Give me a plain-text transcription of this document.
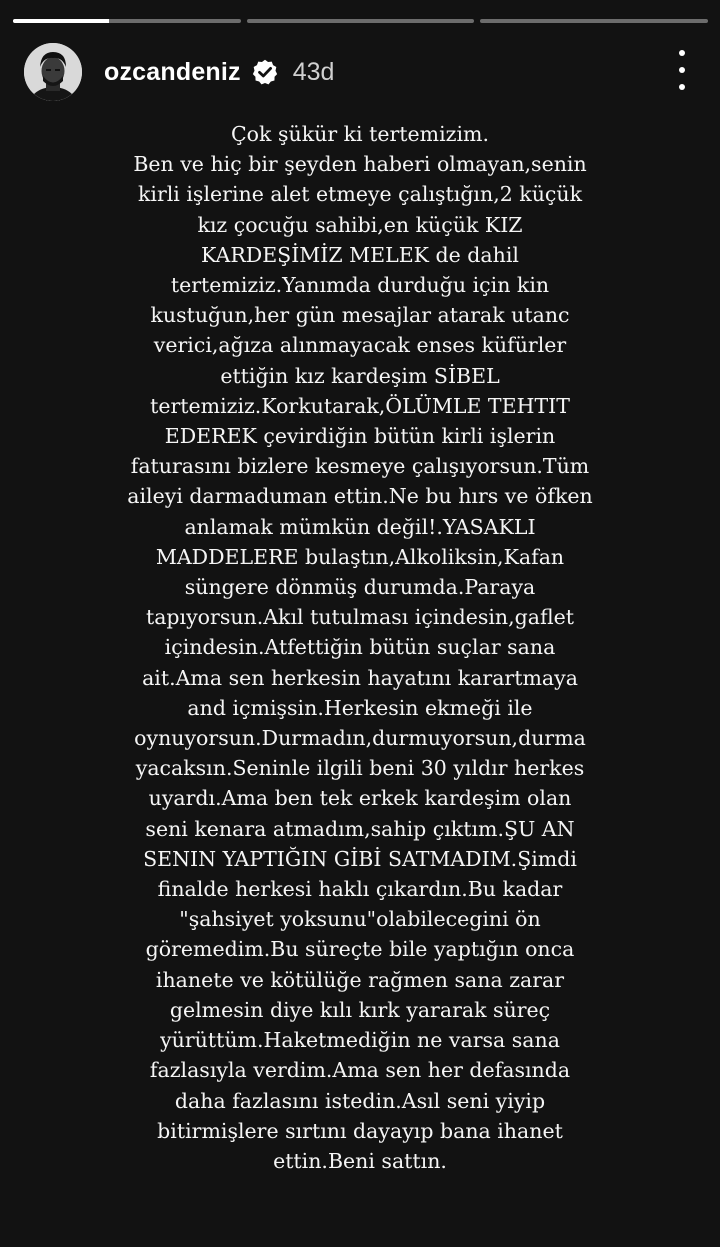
ozcandeniz 43d
Çok şükür ki tertemizim.
Ben ve hiç bir şeyden haberi olmayan,senin
kirli işlerine alet etmeye çalıştığın,2 küçük
kız çocuğu sahibi,en küçük KIZ
KARDEŞİMİZ MELEK de dahil
tertemiziz.Yanımda durduğu için kin
kustuğun,her gün mesajlar atarak utanc
verici,ağıza alınmayacak enses küfürler
ettiğin kız kardeşim SİBEL
tertemiziz.Korkutarak,ÖLÜMLE TEHTIT
EDEREK çevirdiğin bütün kirli işlerin
faturasını bizlere kesmeye çalışıyorsun.Tüm
aileyi darmaduman ettin.Ne bu hırs ve öfken
anlamak mümkün değil!.YASAKLI
MADDELERE bulaştın,Alkoliksin,Kafan
süngere dönmüş durumda.Paraya
tapıyorsun.Akıl tutulması içindesin,gaflet
içindesin.Atfettiğin bütün suçlar sana
ait.Ama sen herkesin hayatını karartmaya
and içmişsin.Herkesin ekmeği ile
oynuyorsun.Durmadın,durmuyorsun,durma
yacaksın.Seninle ilgili beni 30 yıldır herkes
uyardı.Ama ben tek erkek kardeşim olan
seni kenara atmadım,sahip çıktım.ŞU AN
SENIN YAPTIĞIN GİBİ SATMADIM.Şimdi
finalde herkesi haklı çıkardın.Bu kadar
"şahsiyet yoksunu"olabilecegini ön
göremedim.Bu süreçte bile yaptığın onca
ihanete ve kötülüğe rağmen sana zarar
gelmesin diye kılı kırk yararak süreç
yürüttüm.Haketmediğin ne varsa sana
fazlasıyla verdim.Ama sen her defasında
daha fazlasını istedin.Asıl seni yiyip
bitirmişlere sırtını dayayıp bana ihanet
ettin.Beni sattın.
